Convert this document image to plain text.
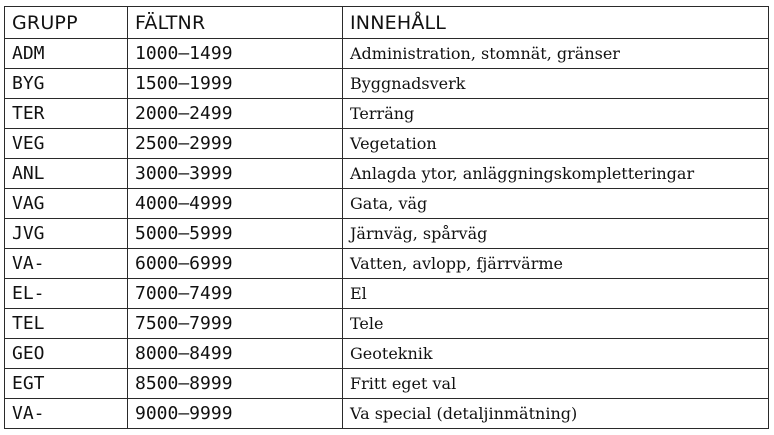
GRUPP	FÄLTNR	INNEHÅLL
ADM	1000–1499	Administration, stomnät, gränser
BYG	1500–1999	Byggnadsverk
TER	2000–2499	Terräng
VEG	2500–2999	Vegetation
ANL	3000–3999	Anlagda ytor, anläggningskompletteringar
VAG	4000–4999	Gata, väg
JVG	5000–5999	Järnväg, spårväg
VA-	6000–6999	Vatten, avlopp, fjärrvärme
EL-	7000–7499	El
TEL	7500–7999	Tele
GEO	8000–8499	Geoteknik
EGT	8500–8999	Fritt eget val
VA-	9000–9999	Va special (detaljinmätning)
